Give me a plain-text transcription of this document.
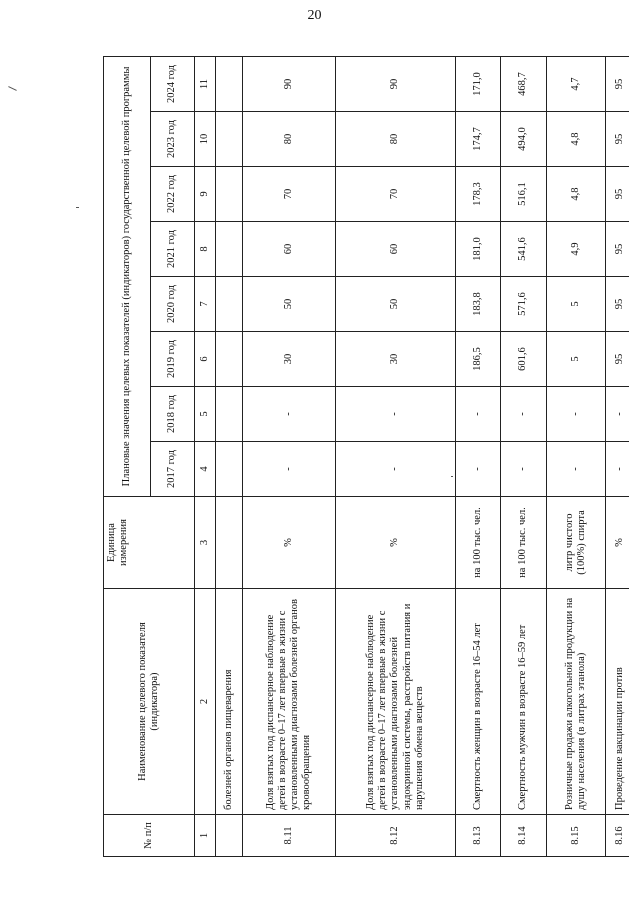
20
№ п/п	Наименование целевого показателя (индикатора)	Единица измерения	Плановые значения целевых показателей (индикаторов) государственной целевой программы							
			2017 год	2018 год	2019 год	2020 год	2021 год	2022 год	2023 год	2024 год
1	2	3	4	5	6	7	8	9	10	11
	болезней органов пищеварения									
8.11	Доля взятых под диспансерное наблюдение детей в возрасте 0–17 лет впервые в жизни с установленными диагнозами болезней органов кровообращения	%	-	-	30	50	60	70	80	90
8.12	Доля взятых под диспансерное наблюдение детей в возрасте 0–17 лет впервые в жизни с установленными диагнозами болезней эндокринной системы, расстройств питания и нарушения обмена веществ	%	-	-	30	50	60	70	80	90
8.13	Смертность женщин в возрасте 16–54 лет	на 100 тыс. чел.	-	-	186,5	183,8	181,0	178,3	174,7	171,0
8.14	Смертность мужчин в возрасте 16–59 лет	на 100 тыс. чел.	-	-	601,6	571,6	541,6	516,1	494,0	468,7
8.15	Розничные продажи алкогольной продукции на душу населения (в литрах этанола)	литр чистого (100%) спирта	-	-	5	5	4,9	4,8	4,8	4,7
8.16	Проведение вакцинации против	%	-	-	95	95	95	95	95	95
